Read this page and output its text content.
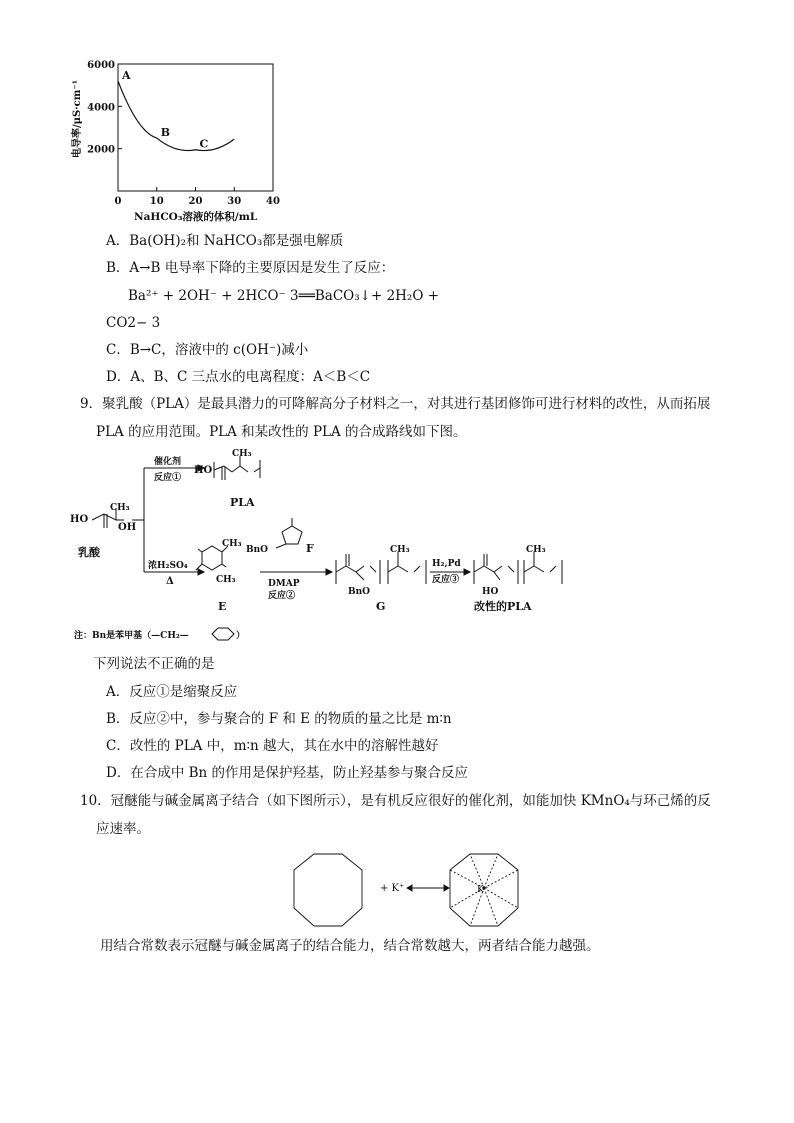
0	10 20 30 40
2000
4000
6000
A
B
C
NaHCO₃溶液的体积/mL
电导率/μS·cm⁻¹
A．Ba(OH)₂和 NaHCO₃都是强电解质
B．A→B 电导率下降的主要原因是发生了反应：
Ba²⁺ + 2OH⁻ + 2HCO⁻ 3══BaCO₃↓+ 2H₂O +
CO2− 3
C．B→C，溶液中的 c(OH⁻)减小
D．A、B、C 三点水的电离程度：A＜B＜C
9．聚乳酸（PLA）是最具潜力的可降解高分子材料之一，对其进行基团修饰可进行材料的改性，从而拓展
PLA 的应用范围。PLA 和某改性的 PLA 的合成路线如下图。
CH₃
HO
OH
乳酸
催化剂
反应①
HO
CH₃
PLA
浓H₂SO₄
Δ
CH₃
CH₃
E
BnO	F
DMAP
反应②	BnO
CH₃
G
H₂,Pd
反应③
HO
CH₃
改性的PLA
注：Bn是苯甲基（—CH₂—	）
下列说法不正确的是
A．反应①是缩聚反应
B．反应②中，参与聚合的 F 和 E 的物质的量之比是 m∶n
C．改性的 PLA 中，m∶n 越大，其在水中的溶解性越好
D．在合成中 Bn 的作用是保护羟基，防止羟基参与聚合反应
10．冠醚能与碱金属离子结合（如下图所示），是有机反应很好的催化剂，如能加快 KMnO₄与环己烯的反
应速率。
+ K⁺	K⁺
用结合常数表示冠醚与碱金属离子的结合能力，结合常数越大，两者结合能力越强。
